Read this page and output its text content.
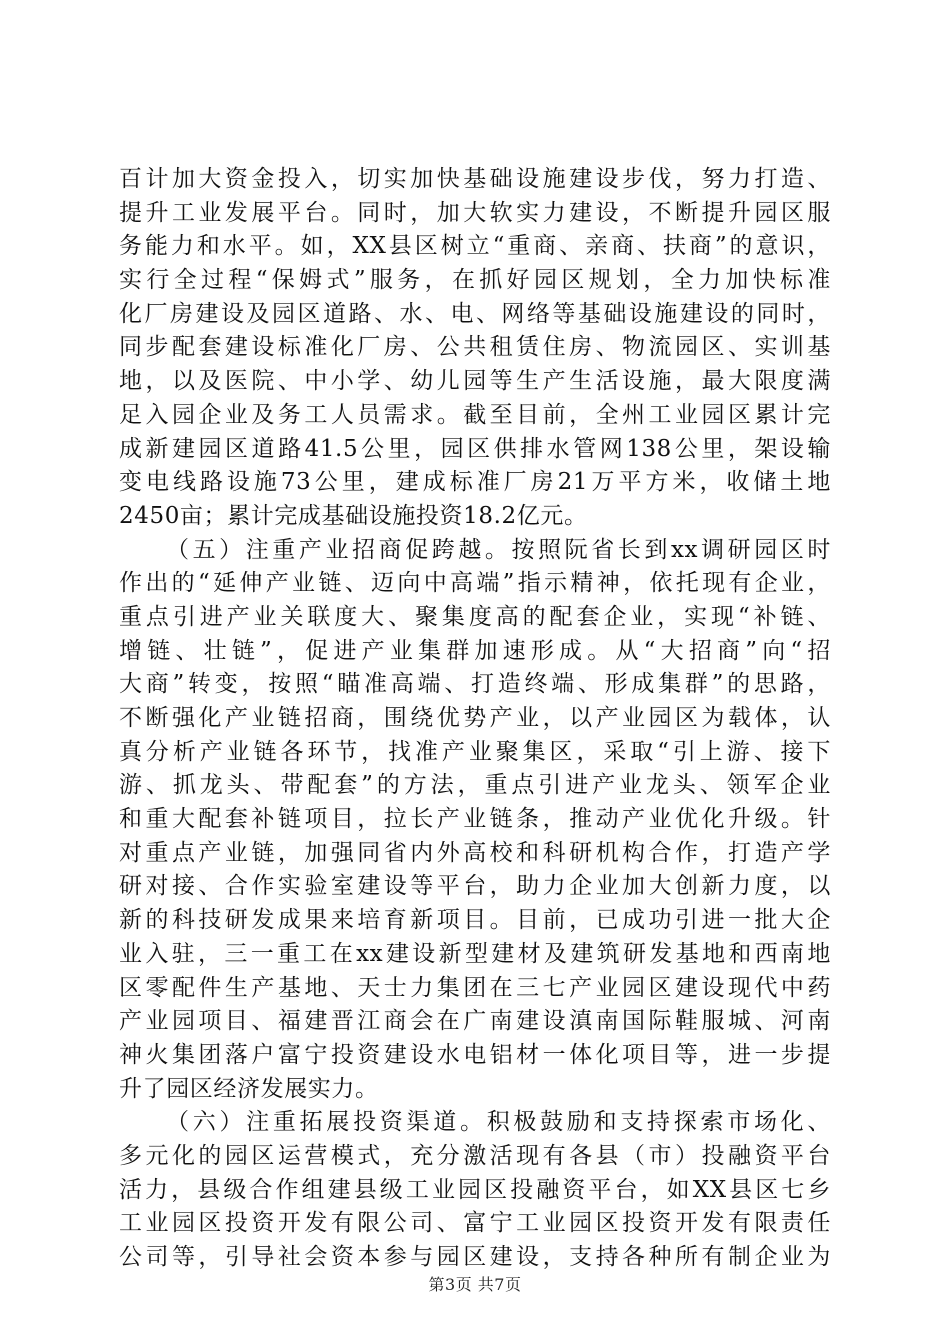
百计加大资金投入，切实加快基础设施建设步伐，努力打造、
提升工业发展平台。同时，加大软实力建设，不断提升园区服
务能力和水平。如，XX县区树立“重商、亲商、扶商”的意识，
实行全过程“保姆式”服务，在抓好园区规划，全力加快标准
化厂房建设及园区道路、水、电、网络等基础设施建设的同时，
同步配套建设标准化厂房、公共租赁住房、物流园区、实训基
地，以及医院、中小学、幼儿园等生产生活设施，最大限度满
足入园企业及务工人员需求。截至目前，全州工业园区累计完
成新建园区道路41.5公里，园区供排水管网138公里，架设输
变电线路设施73公里，建成标准厂房21万平方米，收储土地
2450亩；累计完成基础设施投资18.2亿元。
（五）注重产业招商促跨越。按照阮省长到xx调研园区时
作出的“延伸产业链、迈向中高端”指示精神，依托现有企业，
重点引进产业关联度大、聚集度高的配套企业，实现“补链、
增链、壮链”，促进产业集群加速形成。从“大招商”向“招
大商”转变，按照“瞄准高端、打造终端、形成集群”的思路，
不断强化产业链招商，围绕优势产业，以产业园区为载体，认
真分析产业链各环节，找准产业聚集区，采取“引上游、接下
游、抓龙头、带配套”的方法，重点引进产业龙头、领军企业
和重大配套补链项目，拉长产业链条，推动产业优化升级。针
对重点产业链，加强同省内外高校和科研机构合作，打造产学
研对接、合作实验室建设等平台，助力企业加大创新力度，以
新的科技研发成果来培育新项目。目前，已成功引进一批大企
业入驻，三一重工在xx建设新型建材及建筑研发基地和西南地
区零配件生产基地、天士力集团在三七产业园区建设现代中药
产业园项目、福建晋江商会在广南建设滇南国际鞋服城、河南
神火集团落户富宁投资建设水电铝材一体化项目等，进一步提
升了园区经济发展实力。
（六）注重拓展投资渠道。积极鼓励和支持探索市场化、
多元化的园区运营模式，充分激活现有各县（市）投融资平台
活力，县级合作组建县级工业园区投融资平台，如XX县区七乡
工业园区投资开发有限公司、富宁工业园区投资开发有限责任
公司等，引导社会资本参与园区建设，支持各种所有制企业为
第3页 共7页
